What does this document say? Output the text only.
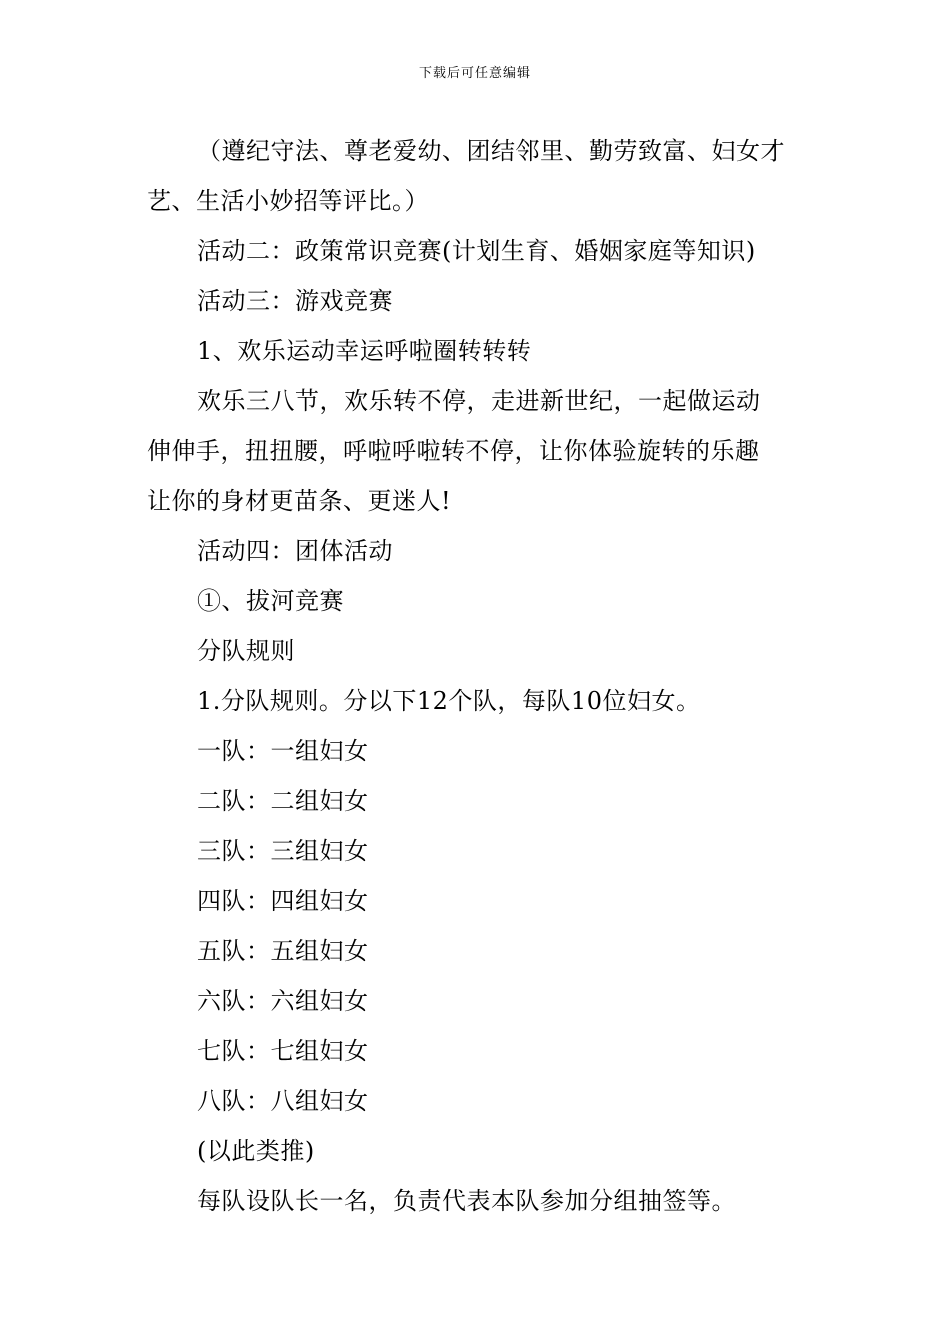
下载后可任意编辑
（遵纪守法、尊老爱幼、团结邻里、勤劳致富、妇女才
艺、生活小妙招等评比。）
活动二：政策常识竞赛(计划生育、婚姻家庭等知识)
活动三：游戏竞赛
1、欢乐运动幸运呼啦圈转转转
欢乐三八节，欢乐转不停，走进新世纪，一起做运动
伸伸手，扭扭腰，呼啦呼啦转不停，让你体验旋转的乐趣
让你的身材更苗条、更迷人!
活动四：团体活动
①、拔河竞赛
分队规则
1.分队规则。分以下12个队，每队10位妇女。
一队：一组妇女
二队：二组妇女
三队：三组妇女
四队：四组妇女
五队：五组妇女
六队：六组妇女
七队：七组妇女
八队：八组妇女
(以此类推)
每队设队长一名，负责代表本队参加分组抽签等。
